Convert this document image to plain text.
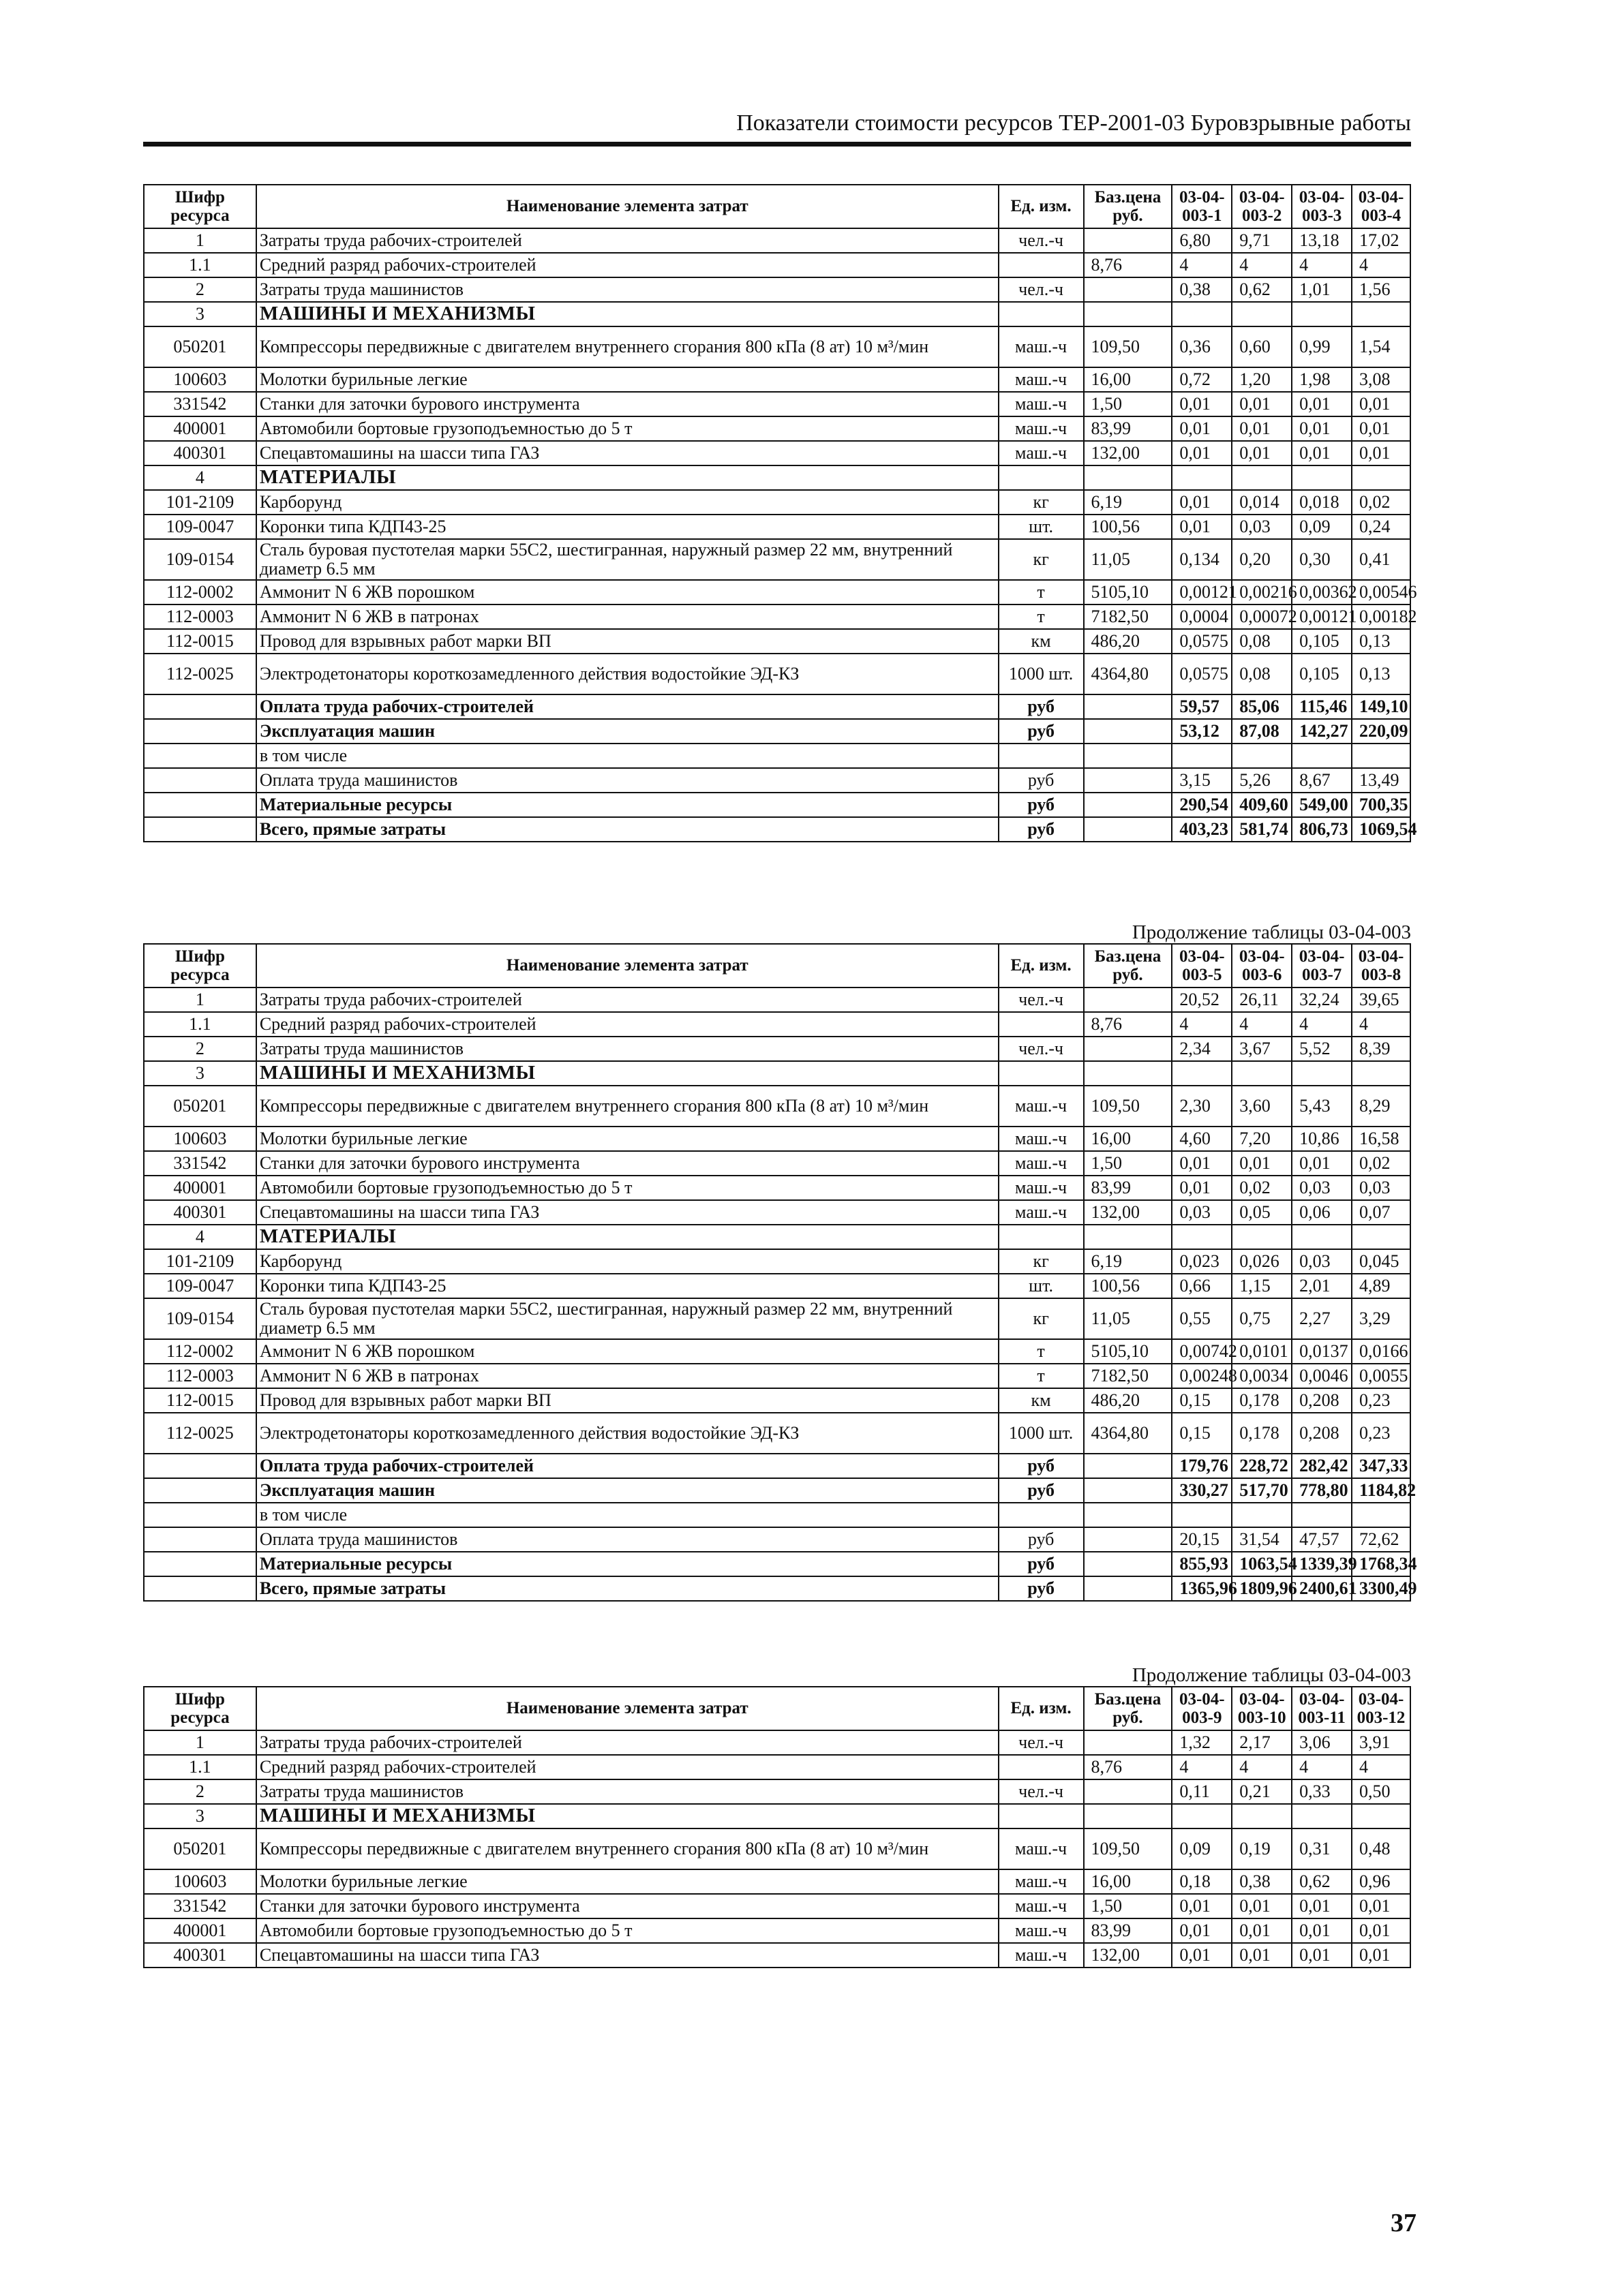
Показатели стоимости ресурсов ТЕР-2001-03 Буровзрывные работы
Шифр ресурса	Наименование элемента затрат	Ед. изм.	Баз.цена руб.	03-04-003-1	03-04-003-2	03-04-003-3	03-04-003-4
1	Затраты труда рабочих-строителей	чел.-ч		6,80	9,71	13,18	17,02
1.1	Средний разряд рабочих-строителей		8,76	4	4	4	4
2	Затраты труда машинистов	чел.-ч		0,38	0,62	1,01	1,56
3	МАШИНЫ И МЕХАНИЗМЫ						
050201	Компрессоры передвижные с двигателем внутреннего сгорания 800 кПа (8 ат) 10 м³/мин	маш.-ч	109,50	0,36	0,60	0,99	1,54
100603	Молотки бурильные легкие	маш.-ч	16,00	0,72	1,20	1,98	3,08
331542	Станки для заточки бурового инструмента	маш.-ч	1,50	0,01	0,01	0,01	0,01
400001	Автомобили бортовые грузоподъемностью до 5 т	маш.-ч	83,99	0,01	0,01	0,01	0,01
400301	Спецавтомашины на шасси типа ГАЗ	маш.-ч	132,00	0,01	0,01	0,01	0,01
4	МАТЕРИАЛЫ						
101-2109	Карборунд	кг	6,19	0,01	0,014	0,018	0,02
109-0047	Коронки типа КДП43-25	шт.	100,56	0,01	0,03	0,09	0,24
109-0154	Сталь буровая пустотелая марки 55С2, шестигранная, наружный размер 22 мм, внутренний диаметр 6.5 мм	кг	11,05	0,134	0,20	0,30	0,41
112-0002	Аммонит N 6 ЖВ порошком	т	5105,10	0,00121	0,00216	0,00362	0,00546
112-0003	Аммонит N 6 ЖВ в патронах	т	7182,50	0,0004	0,00072	0,00121	0,00182
112-0015	Провод для взрывных работ марки ВП	км	486,20	0,0575	0,08	0,105	0,13
112-0025	Электродетонаторы короткозамедленного действия водостойкие ЭД-КЗ	1000 шт.	4364,80	0,0575	0,08	0,105	0,13
	Оплата труда рабочих-строителей	руб		59,57	85,06	115,46	149,10
	Эксплуатация машин	руб		53,12	87,08	142,27	220,09
	в том числе						
	Оплата труда машинистов	руб		3,15	5,26	8,67	13,49
	Материальные ресурсы	руб		290,54	409,60	549,00	700,35
	Всего, прямые затраты	руб		403,23	581,74	806,73	1069,54
Продолжение таблицы 03-04-003
Шифр ресурса	Наименование элемента затрат	Ед. изм.	Баз.цена руб.	03-04-003-5	03-04-003-6	03-04-003-7	03-04-003-8
1	Затраты труда рабочих-строителей	чел.-ч		20,52	26,11	32,24	39,65
1.1	Средний разряд рабочих-строителей		8,76	4	4	4	4
2	Затраты труда машинистов	чел.-ч		2,34	3,67	5,52	8,39
3	МАШИНЫ И МЕХАНИЗМЫ						
050201	Компрессоры передвижные с двигателем внутреннего сгорания 800 кПа (8 ат) 10 м³/мин	маш.-ч	109,50	2,30	3,60	5,43	8,29
100603	Молотки бурильные легкие	маш.-ч	16,00	4,60	7,20	10,86	16,58
331542	Станки для заточки бурового инструмента	маш.-ч	1,50	0,01	0,01	0,01	0,02
400001	Автомобили бортовые грузоподъемностью до 5 т	маш.-ч	83,99	0,01	0,02	0,03	0,03
400301	Спецавтомашины на шасси типа ГАЗ	маш.-ч	132,00	0,03	0,05	0,06	0,07
4	МАТЕРИАЛЫ						
101-2109	Карборунд	кг	6,19	0,023	0,026	0,03	0,045
109-0047	Коронки типа КДП43-25	шт.	100,56	0,66	1,15	2,01	4,89
109-0154	Сталь буровая пустотелая марки 55С2, шестигранная, наружный размер 22 мм, внутренний диаметр 6.5 мм	кг	11,05	0,55	0,75	2,27	3,29
112-0002	Аммонит N 6 ЖВ порошком	т	5105,10	0,00742	0,0101	0,0137	0,0166
112-0003	Аммонит N 6 ЖВ в патронах	т	7182,50	0,00248	0,0034	0,0046	0,0055
112-0015	Провод для взрывных работ марки ВП	км	486,20	0,15	0,178	0,208	0,23
112-0025	Электродетонаторы короткозамедленного действия водостойкие ЭД-КЗ	1000 шт.	4364,80	0,15	0,178	0,208	0,23
	Оплата труда рабочих-строителей	руб		179,76	228,72	282,42	347,33
	Эксплуатация машин	руб		330,27	517,70	778,80	1184,82
	в том числе						
	Оплата труда машинистов	руб		20,15	31,54	47,57	72,62
	Материальные ресурсы	руб		855,93	1063,54	1339,39	1768,34
	Всего, прямые затраты	руб		1365,96	1809,96	2400,61	3300,49
Продолжение таблицы 03-04-003
Шифр ресурса	Наименование элемента затрат	Ед. изм.	Баз.цена руб.	03-04-003-9	03-04-003-10	03-04-003-11	03-04-003-12
1	Затраты труда рабочих-строителей	чел.-ч		1,32	2,17	3,06	3,91
1.1	Средний разряд рабочих-строителей		8,76	4	4	4	4
2	Затраты труда машинистов	чел.-ч		0,11	0,21	0,33	0,50
3	МАШИНЫ И МЕХАНИЗМЫ						
050201	Компрессоры передвижные с двигателем внутреннего сгорания 800 кПа (8 ат) 10 м³/мин	маш.-ч	109,50	0,09	0,19	0,31	0,48
100603	Молотки бурильные легкие	маш.-ч	16,00	0,18	0,38	0,62	0,96
331542	Станки для заточки бурового инструмента	маш.-ч	1,50	0,01	0,01	0,01	0,01
400001	Автомобили бортовые грузоподъемностью до 5 т	маш.-ч	83,99	0,01	0,01	0,01	0,01
400301	Спецавтомашины на шасси типа ГАЗ	маш.-ч	132,00	0,01	0,01	0,01	0,01
37
